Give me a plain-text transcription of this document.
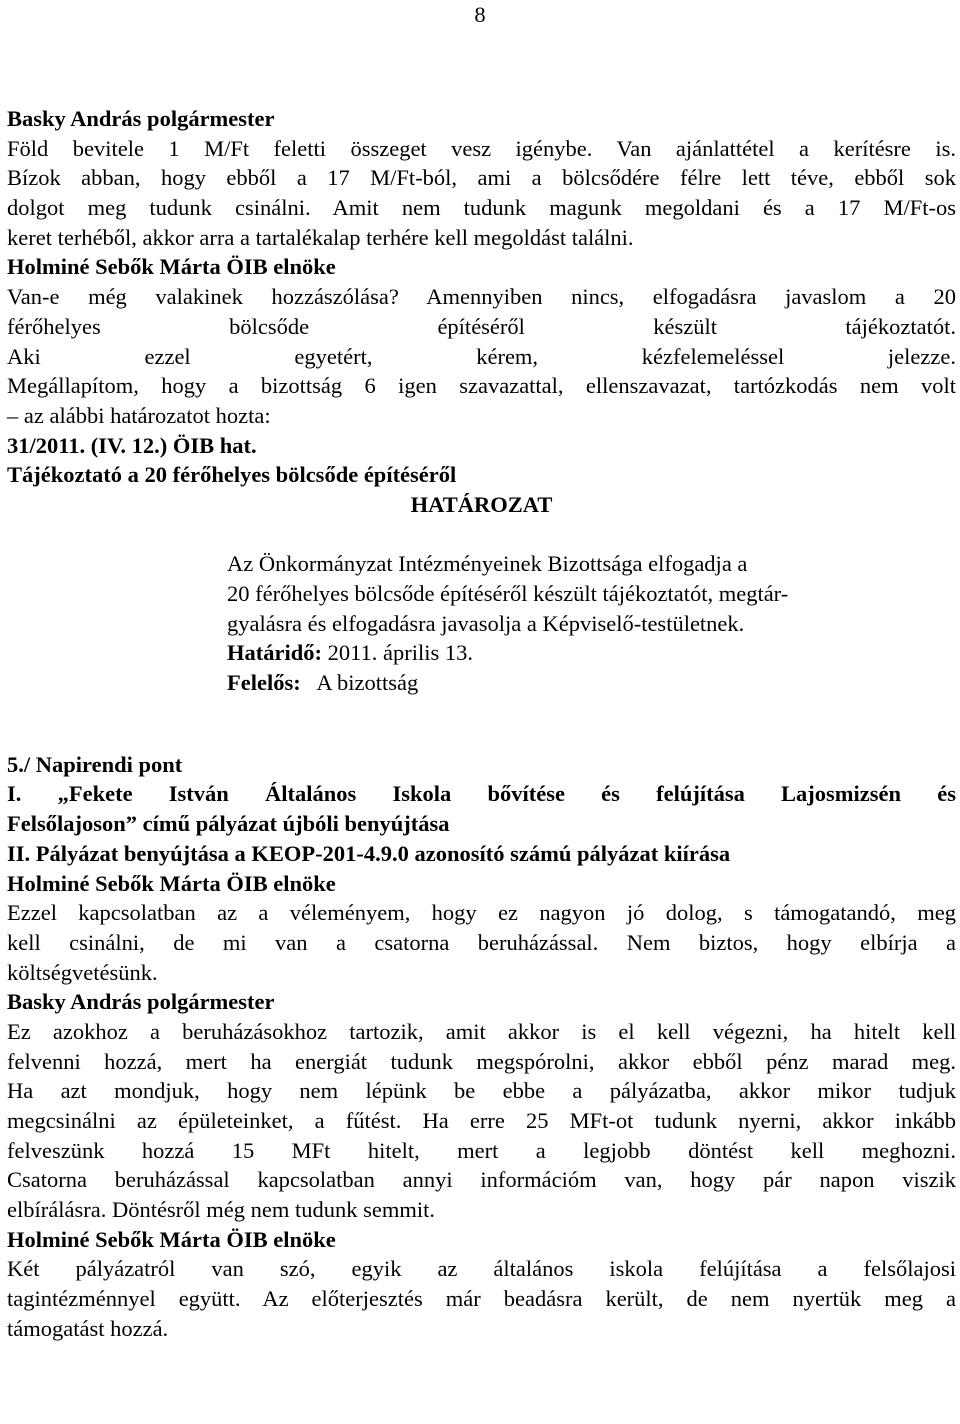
8
Basky András polgármester
Föld bevitele 1 M/Ft feletti összeget vesz igénybe. Van ajánlattétel a kerítésre is.
Bízok abban, hogy ebből a 17 M/Ft-ból, ami a bölcsődére félre lett téve, ebből sok
dolgot meg tudunk csinálni. Amit nem tudunk magunk megoldani és a 17 M/Ft-os
keret terhéből, akkor arra a tartalékalap terhére kell megoldást találni.
Holminé Sebők Márta ÖIB elnöke
Van-e még valakinek hozzászólása? Amennyiben nincs, elfogadásra javaslom a 20
férőhelyes bölcsőde építéséről készült tájékoztatót.
Aki ezzel egyetért, kérem, kézfelemeléssel jelezze.
Megállapítom, hogy a bizottság 6 igen szavazattal, ellenszavazat, tartózkodás nem volt
– az alábbi határozatot hozta:
31/2011. (IV. 12.) ÖIB hat.
Tájékoztató a 20 férőhelyes bölcsőde építéséről
HATÁROZAT
Az Önkormányzat Intézményeinek Bizottsága elfogadja a
20 férőhelyes bölcsőde építéséről készült tájékoztatót, megtár-
gyalásra és elfogadásra javasolja a Képviselő-testületnek.
Határidő: 2011. április 13.
Felelős:   A bizottság
5./ Napirendi pont
I. „Fekete István Általános Iskola bővítése és felújítása Lajosmizsén és
Felsőlajoson” című pályázat újbóli benyújtása
II. Pályázat benyújtása a KEOP-201-4.9.0 azonosító számú pályázat kiírása
Holminé Sebők Márta ÖIB elnöke
Ezzel kapcsolatban az a véleményem, hogy ez nagyon jó dolog, s támogatandó, meg
kell csinálni, de mi van a csatorna beruházással. Nem biztos, hogy elbírja a
költségvetésünk.
Basky András polgármester
Ez azokhoz a beruházásokhoz tartozik, amit akkor is el kell végezni, ha hitelt kell
felvenni hozzá, mert ha energiát tudunk megspórolni, akkor ebből pénz marad meg.
Ha azt mondjuk, hogy nem lépünk be ebbe a pályázatba, akkor mikor tudjuk
megcsinálni az épületeinket, a fűtést. Ha erre 25 MFt-ot tudunk nyerni, akkor inkább
felveszünk hozzá 15 MFt hitelt, mert a legjobb döntést kell meghozni.
Csatorna beruházással kapcsolatban annyi információm van, hogy pár napon viszik
elbírálásra. Döntésről még nem tudunk semmit.
Holminé Sebők Márta ÖIB elnöke
Két pályázatról van szó, egyik az általános iskola felújítása a felsőlajosi
tagintézménnyel együtt. Az előterjesztés már beadásra került, de nem nyertük meg a
támogatást hozzá.
